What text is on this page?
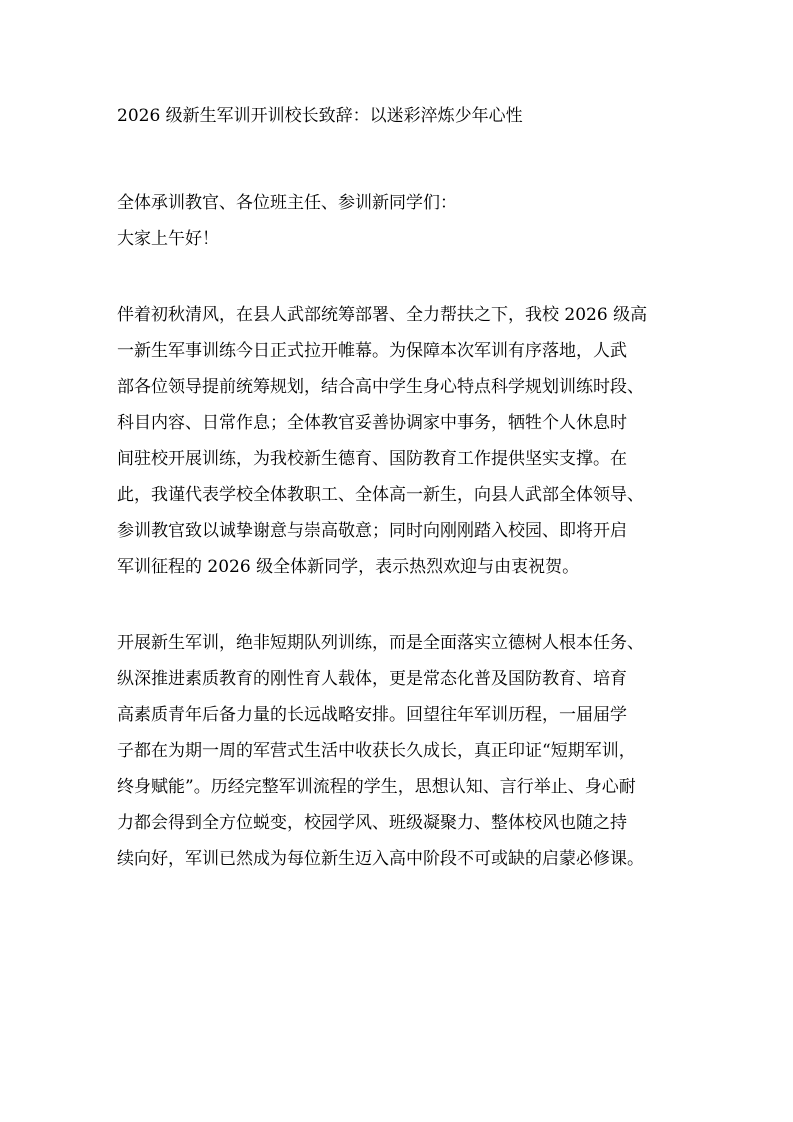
2026 级新生军训开训校长致辞：以迷彩淬炼少年心性

全体承训教官、各位班主任、参训新同学们：

大家上午好！

伴着初秋清风，在县人武部统筹部署、全力帮扶之下，我校 2026 级高

一新生军事训练今日正式拉开帷幕。为保障本次军训有序落地，人武

部各位领导提前统筹规划，结合高中学生身心特点科学规划训练时段、

科目内容、日常作息；全体教官妥善协调家中事务，牺牲个人休息时

间驻校开展训练，为我校新生德育、国防教育工作提供坚实支撑。在

此，我谨代表学校全体教职工、全体高一新生，向县人武部全体领导、

参训教官致以诚挚谢意与崇高敬意；同时向刚刚踏入校园、即将开启

军训征程的 2026 级全体新同学，表示热烈欢迎与由衷祝贺。

开展新生军训，绝非短期队列训练，而是全面落实立德树人根本任务、

纵深推进素质教育的刚性育人载体，更是常态化普及国防教育、培育

高素质青年后备力量的长远战略安排。回望往年军训历程，一届届学

子都在为期一周的军营式生活中收获长久成长，真正印证“短期军训，

终身赋能”。历经完整军训流程的学生，思想认知、言行举止、身心耐

力都会得到全方位蜕变，校园学风、班级凝聚力、整体校风也随之持

续向好，军训已然成为每位新生迈入高中阶段不可或缺的启蒙必修课。
